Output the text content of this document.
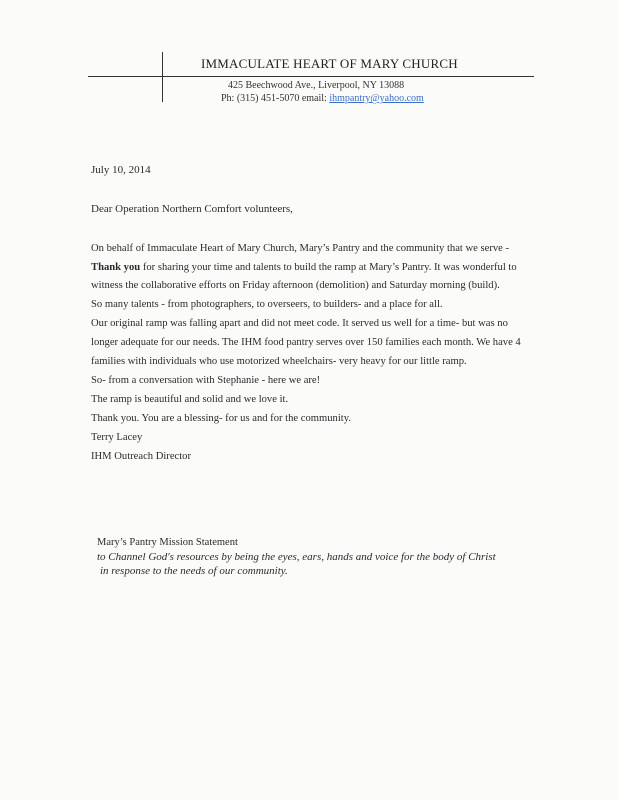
IMMACULATE HEART OF MARY CHURCH
425 Beechwood Ave., Liverpool, NY 13088
Ph: (315) 451-5070 email: ihmpantry@yahoo.com
July 10, 2014
Dear Operation Northern Comfort volunteers,
On behalf of Immaculate Heart of Mary Church, Mary’s Pantry and the community that we serve -
Thank you for sharing your time and talents to build the ramp at Mary’s Pantry. It was wonderful to
witness the collaborative efforts on Friday afternoon (demolition) and Saturday morning (build).
So many talents - from photographers, to overseers, to builders- and a place for all.
Our original ramp was falling apart and did not meet code. It served us well for a time- but was no
longer adequate for our needs. The IHM food pantry serves over 150 families each month. We have 4
families with individuals who use motorized wheelchairs- very heavy for our little ramp.
So- from a conversation with Stephanie - here we are!
The ramp is beautiful and solid and we love it.
Thank you. You are a blessing- for us and for the community.
Terry Lacey
IHM Outreach Director
Mary’s Pantry Mission Statement
to Channel God's resources by being the eyes, ears, hands and voice for the body of Christ
in response to the needs of our community.
